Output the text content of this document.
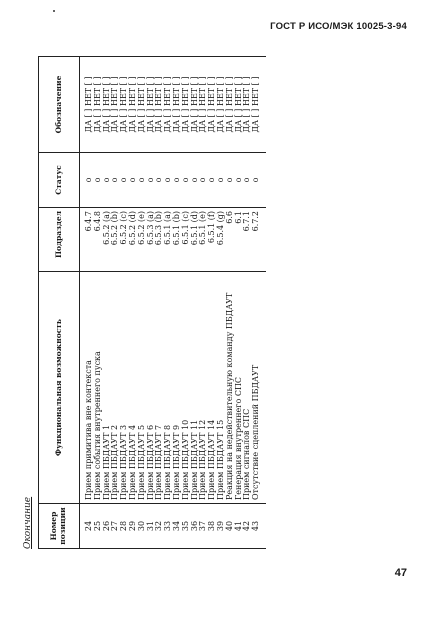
ГОСТ Р ИСО/МЭК 10025-3-94
Окончание	Номер позиции	Функциональная возможность	Подраздел	Статус	Обозначение
24	Прием примитива вне контекста	6.4.7	о	ДА [ ] НЕТ [ ]
25	Прием события внутреннего пуска	6.4.8	о	ДА [ ] НЕТ [ ]
26	Прием ПБДАУТ 1	6.5.2 (a)	о	ДА [ ] НЕТ [ ]
27	Прием ПБДАУТ 2	6.5.2 (b)	о	ДА [ ] НЕТ [ ]
28	Прием ПБДАУТ 3	6.5.2 (c)	о	ДА [ ] НЕТ [ ]
29	Прием ПБДАУТ 4	6.5.2 (d)	о	ДА [ ] НЕТ [ ]
30	Прием ПБДАУТ 5	6.5.2 (e)	о	ДА [ ] НЕТ [ ]
31	Прием ПБДАУТ 6	6.5.3 (a)	о	ДА [ ] НЕТ [ ]
32	Прием ПБДАУТ 7	6.5.3 (b)	о	ДА [ ] НЕТ [ ]
33	Прием ПБДАУТ 8	6.5.1 (a)	о	ДА [ ] НЕТ [ ]
34	Прием ПБДАУТ 9	6.5.1 (b)	о	ДА [ ] НЕТ [ ]
35	Прием ПБДАУТ 10	6.5.1 (c)	о	ДА [ ] НЕТ [ ]
36	Прием ПБДАУТ 11	6.5.1 (d)	о	ДА [ ] НЕТ [ ]
37	Прием ПБДАУТ 12	6.5.1 (e)	о	ДА [ ] НЕТ [ ]
38	Прием ПБДАУТ 14	6.5.1 (f)	о	ДА [ ] НЕТ [ ]
39	Прием ПБДАУТ 15	6.5.4 (g)	о	ДА [ ] НЕТ [ ]
40	Реакция на недействительную команду ПБДАУТ	6.6	о	ДА [ ] НЕТ [ ]
41	Генерация внутреннего СПС	6.1	о	ДА [ ] НЕТ [ ]
42	Прием сигналов СПС	6.7.1	о	ДА [ ] НЕТ [ ]
43	Отсутствие сцеплений ПБДАУТ	6.7.2	о	ДА [ ] НЕТ [ ]
47
